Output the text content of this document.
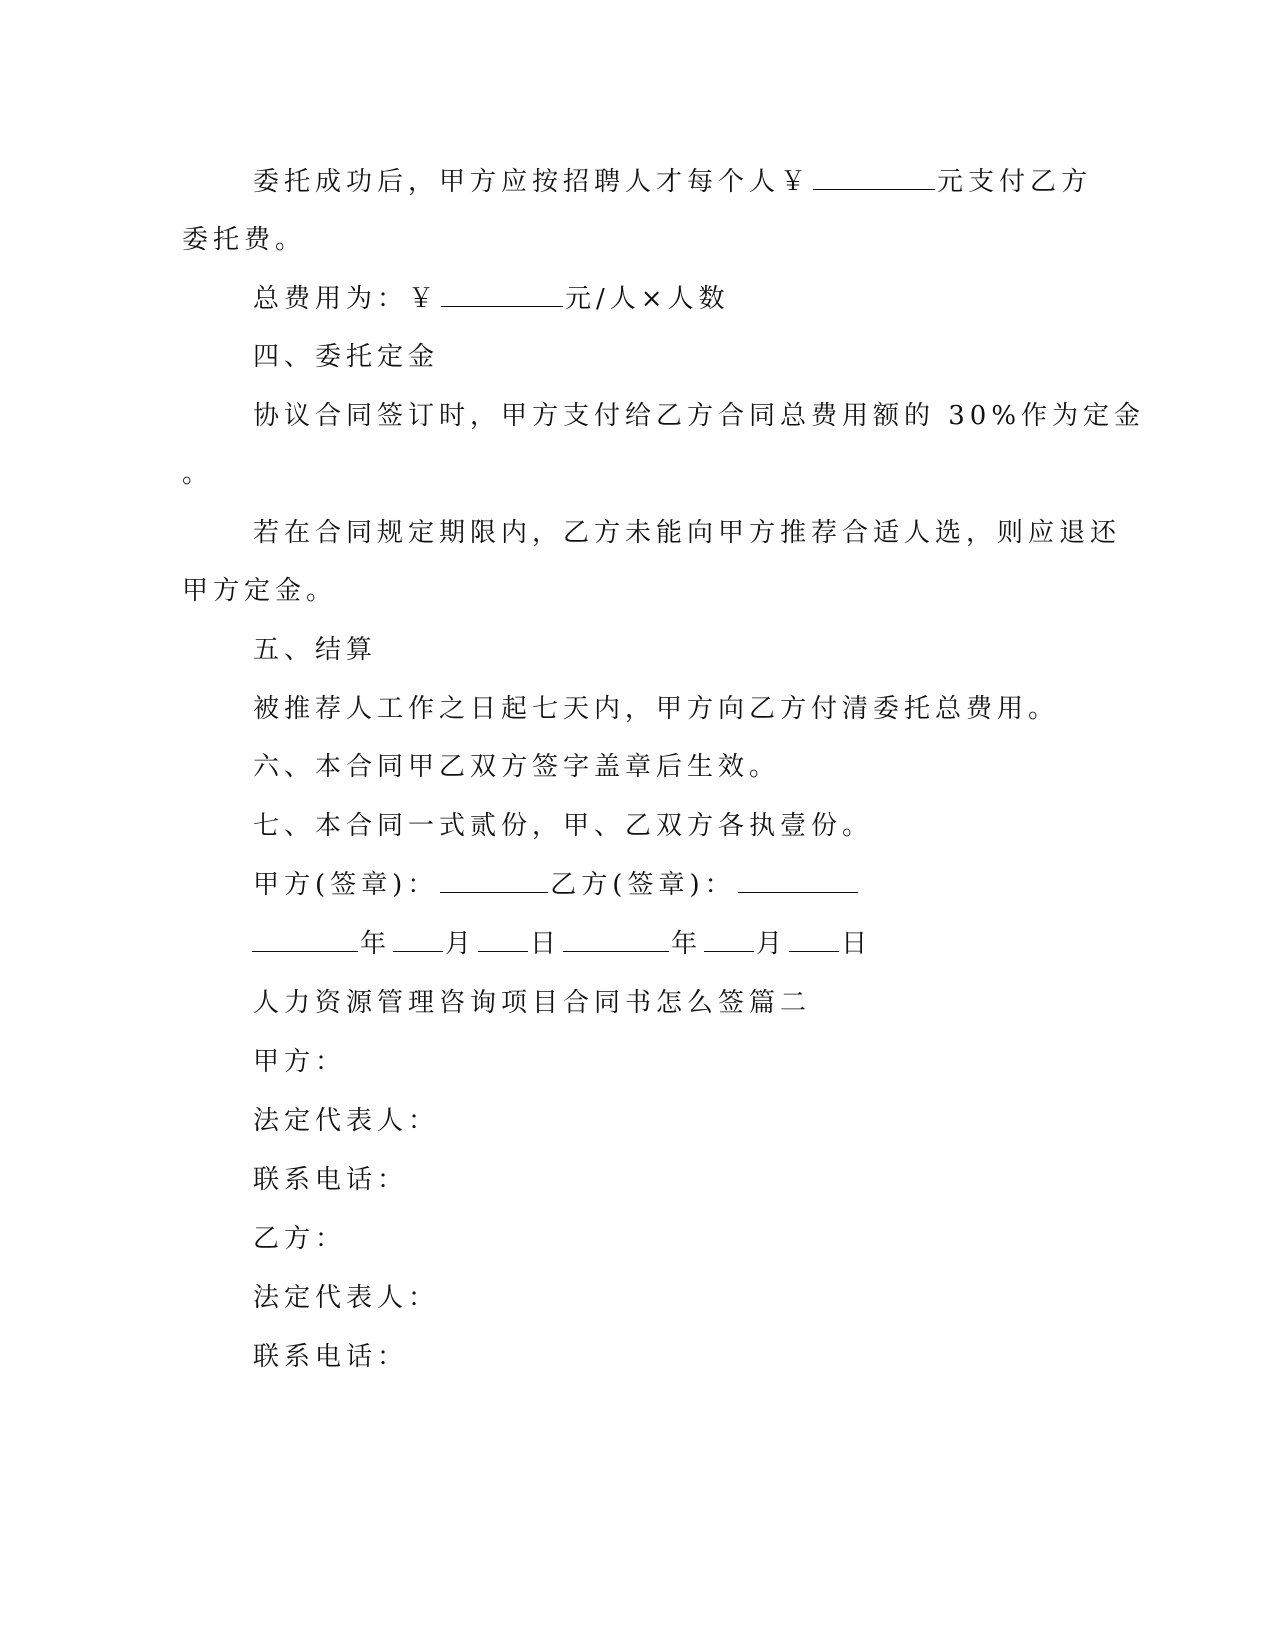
委托成功后，甲方应按招聘人才每个人￥	元支付乙方
委托费。
总费用为：￥	元/人×人数
四、委托定金
协议合同签订时，甲方支付给乙方合同总费用额的 30%作为定金
。
若在合同规定期限内，乙方未能向甲方推荐合适人选，则应退还
甲方定金。
五、结算
被推荐人工作之日起七天内，甲方向乙方付清委托总费用。
六、本合同甲乙双方签字盖章后生效。
七、本合同一式贰份，甲、乙双方各执壹份。
甲方(签章)：	乙方(签章)：
年 月 日	年 月 日
人力资源管理咨询项目合同书怎么签篇二
甲方：
法定代表人：
联系电话：
乙方：
法定代表人：
联系电话：
